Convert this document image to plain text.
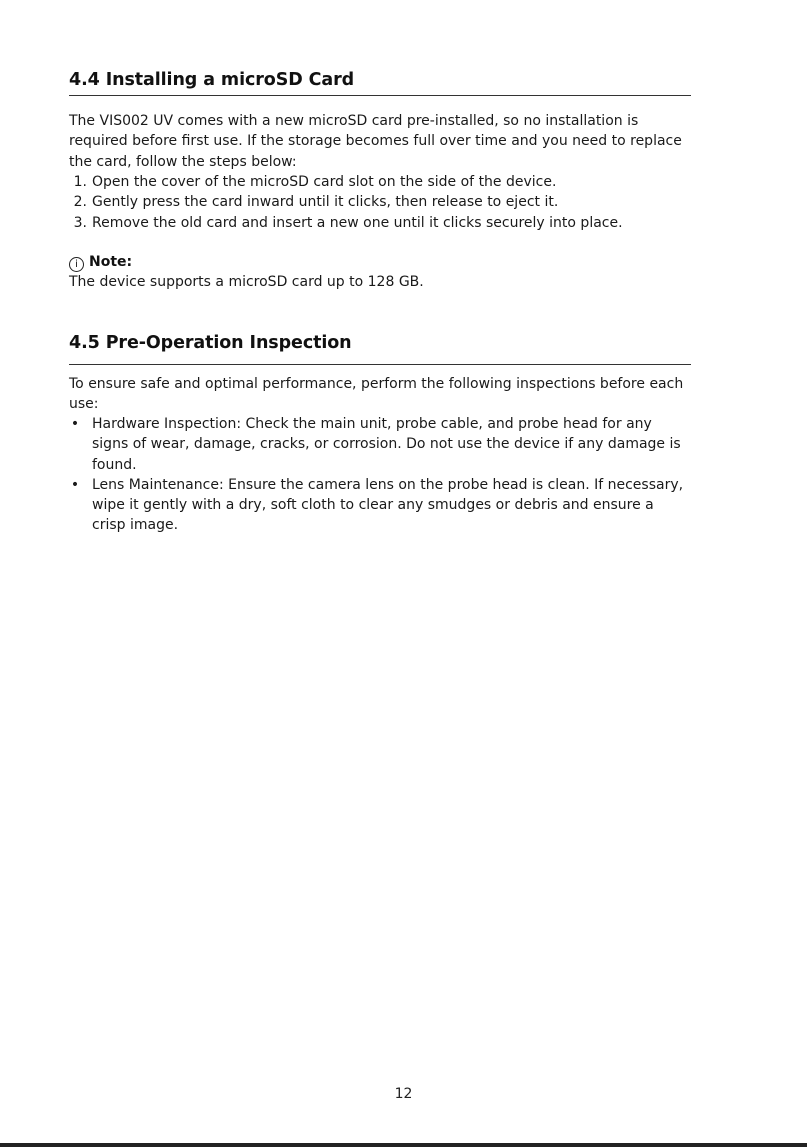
4.4 Installing a microSD Card

The VIS002 UV comes with a new microSD card pre-installed, so no installation is required before first use. If the storage becomes full over time and you need to replace the card, follow the steps below:

1. Open the cover of the microSD card slot on the side of the device.
2. Gently press the card inward until it clicks, then release to eject it.
3. Remove the old card and insert a new one until it clicks securely into place.

i Note:

The device supports a microSD card up to 128 GB.

4.5 Pre-Operation Inspection

To ensure safe and optimal performance, perform the following inspections before each use:

• Hardware Inspection: Check the main unit, probe cable, and probe head for any signs of wear, damage, cracks, or corrosion. Do not use the device if any damage is found.
• Lens Maintenance: Ensure the camera lens on the probe head is clean. If necessary, wipe it gently with a dry, soft cloth to clear any smudges or debris and ensure a crisp image.
12
